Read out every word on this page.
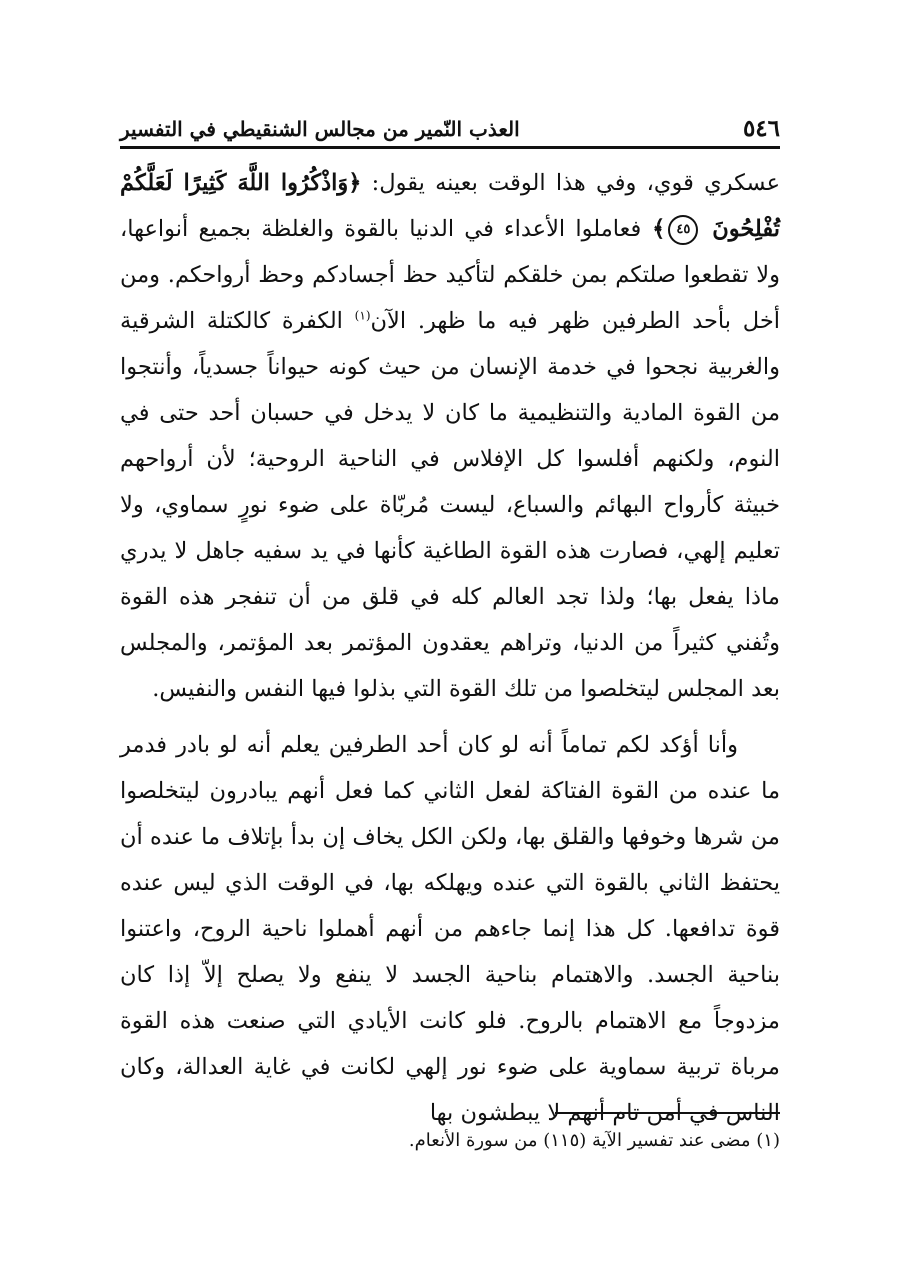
٥٤٦
العذب النّمير من مجالس الشنقيطي في التفسير

عسكري قوي، وفي هذا الوقت بعينه يقول: ﴿وَاذْكُرُوا اللَّهَ كَثِيرًا لَعَلَّكُمْ تُفْلِحُونَ ٤٥﴾ فعاملوا الأعداء في الدنيا بالقوة والغلظة بجميع أنواعها، ولا تقطعوا صلتكم بمن خلقكم لتأكيد حظ أجسادكم وحظ أرواحكم. ومن أخل بأحد الطرفين ظهر فيه ما ظهر. الآن$^{(١)}$ الكفرة كالكتلة الشرقية والغربية نجحوا في خدمة الإنسان من حيث كونه حيواناً جسدياً، وأنتجوا من القوة المادية والتنظيمية ما كان لا يدخل في حسبان أحد حتى في النوم، ولكنهم أفلسوا كل الإفلاس في الناحية الروحية؛ لأن أرواحهم خبيثة كأرواح البهائم والسباع، ليست مُربّاة على ضوء نورٍ سماوي، ولا تعليم إلهي، فصارت هذه القوة الطاغية كأنها في يد سفيه جاهل لا يدري ماذا يفعل بها؛ ولذا تجد العالم كله في قلق من أن تنفجر هذه القوة وتُفني كثيراً من الدنيا، وتراهم يعقدون المؤتمر بعد المؤتمر، والمجلس بعد المجلس ليتخلصوا من تلك القوة التي بذلوا فيها النفس والنفيس.

وأنا أؤكد لكم تماماً أنه لو كان أحد الطرفين يعلم أنه لو بادر فدمر ما عنده من القوة الفتاكة لفعل الثاني كما فعل أنهم يبادرون ليتخلصوا من شرها وخوفها والقلق بها، ولكن الكل يخاف إن بدأ بإتلاف ما عنده أن يحتفظ الثاني بالقوة التي عنده ويهلكه بها، في الوقت الذي ليس عنده قوة تدافعها. كل هذا إنما جاءهم من أنهم أهملوا ناحية الروح، واعتنوا بناحية الجسد. والاهتمام بناحية الجسد لا ينفع ولا يصلح إلاّ إذا كان مزدوجاً مع الاهتمام بالروح. فلو كانت الأيادي التي صنعت هذه القوة مرباة تربية سماوية على ضوء نور إلهي لكانت في غاية العدالة، وكان الناس في أمن تام أنهم لا يبطشون بها

(١) مضى عند تفسير الآية (١١٥) من سورة الأنعام.
